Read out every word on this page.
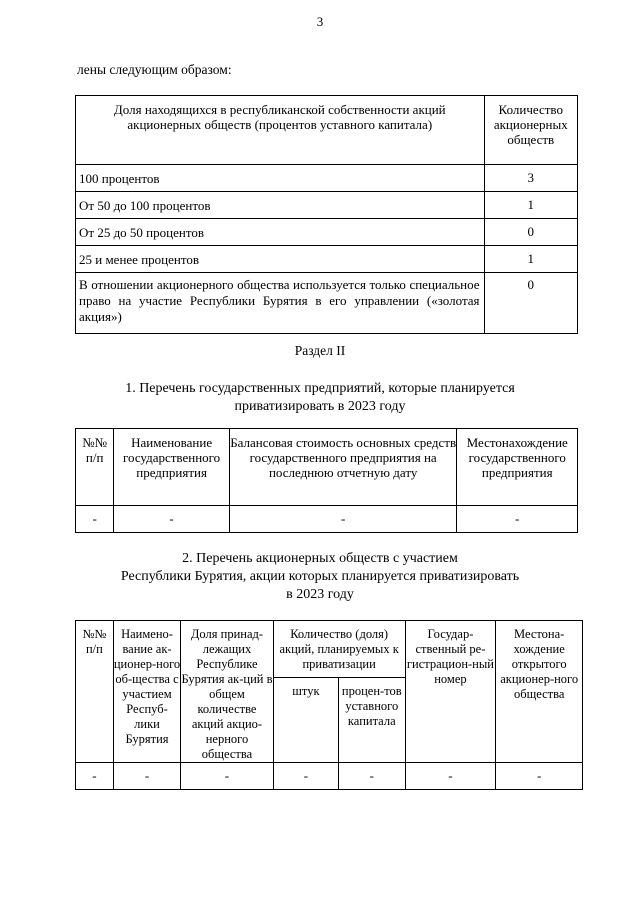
3
лены следующим образом:
Доля находящихся в республиканской собственности акций акционерных обществ (процентов уставного капитала)	Количество акционерных обществ
100 процентов	3
От 50 до 100 процентов	1
От 25 до 50 процентов	0
25 и менее процентов	1
В отношении акционерного общества используется только специальное право на участие Республики Бурятия в его управлении («золотая акция»)	0
Раздел II
1. Перечень государственных предприятий, которые планируется
приватизировать в 2023 году
№№ п/п	Наименование государственного предприятия	Балансовая стоимость основных средств государственного предприятия на последнюю отчетную дату	Местонахождение государственного предприятия
-	-	-	-
2. Перечень акционерных обществ с участием
Республики Бурятия, акции которых планируется приватизировать
в 2023 году
№№ п/п	Наимено-вание ак-ционер-ного об-щества с участием Респуб-лики Бурятия	Доля принад-лежащих Республике Бурятия ак-ций в общем количестве акций акцио-нерного общества	Количество (доля) акций, планируемых к приватизации		Государ-ственный ре-гистрацион-ный номер	Местона-хождение открытого акционер-ного общества
			штук	процен-тов уставного капитала		
-	-	-	-	-	-	-
